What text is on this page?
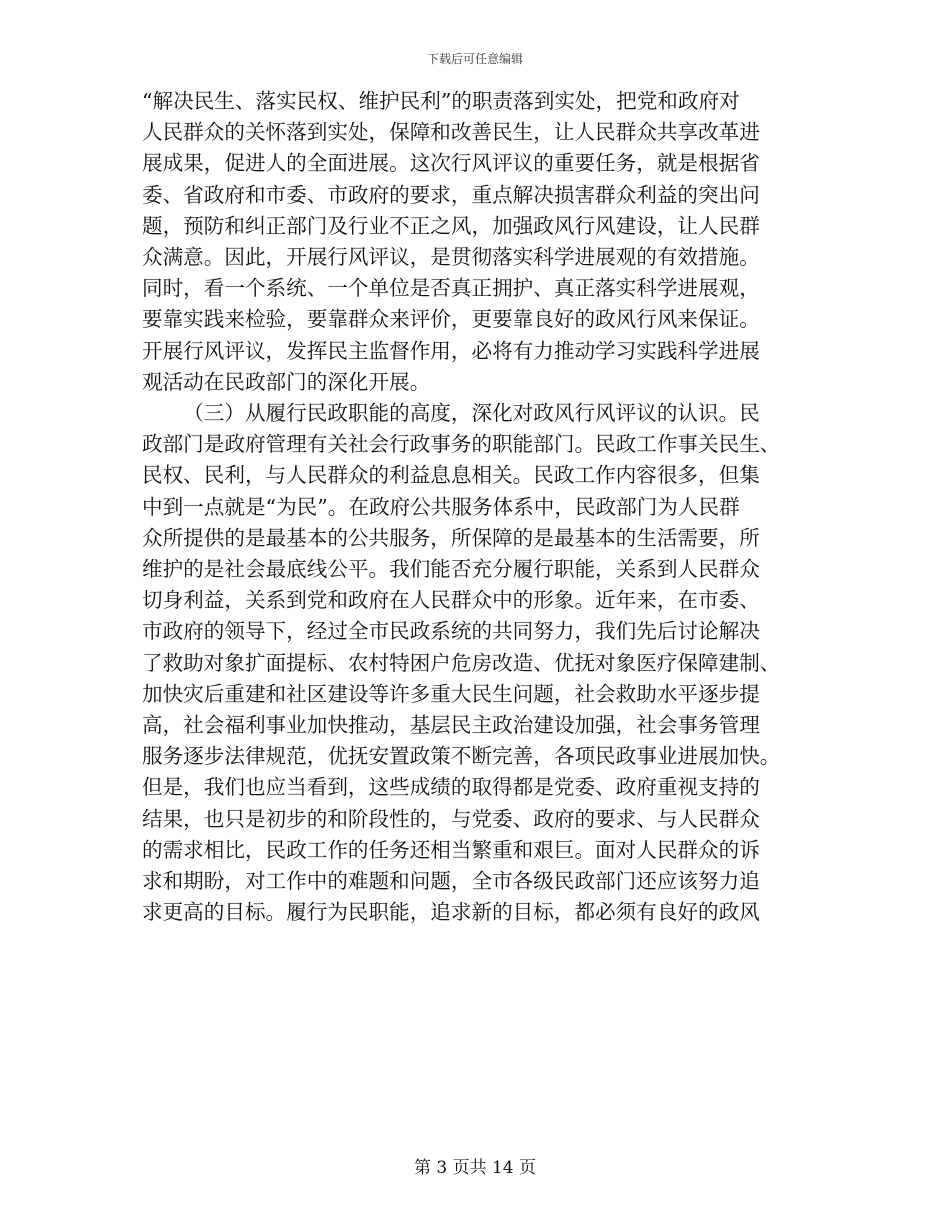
下载后可任意编辑

“解决民生、落实民权、维护民利”的职责落到实处，把党和政府对
人民群众的关怀落到实处，保障和改善民生，让人民群众共享改革进
展成果，促进人的全面进展。这次行风评议的重要任务，就是根据省
委、省政府和市委、市政府的要求，重点解决损害群众利益的突出问
题，预防和纠正部门及行业不正之风，加强政风行风建设，让人民群
众满意。因此，开展行风评议，是贯彻落实科学进展观的有效措施。
同时，看一个系统、一个单位是否真正拥护、真正落实科学进展观，
要靠实践来检验，要靠群众来评价，更要靠良好的政风行风来保证。
开展行风评议，发挥民主监督作用，必将有力推动学习实践科学进展
观活动在民政部门的深化开展。

（三）从履行民政职能的高度，深化对政风行风评议的认识。民
政部门是政府管理有关社会行政事务的职能部门。民政工作事关民生、
民权、民利，与人民群众的利益息息相关。民政工作内容很多，但集
中到一点就是“为民”。在政府公共服务体系中，民政部门为人民群
众所提供的是最基本的公共服务，所保障的是最基本的生活需要，所
维护的是社会最底线公平。我们能否充分履行职能，关系到人民群众
切身利益，关系到党和政府在人民群众中的形象。近年来，在市委、
市政府的领导下，经过全市民政系统的共同努力，我们先后讨论解决
了救助对象扩面提标、农村特困户危房改造、优抚对象医疗保障建制、
加快灾后重建和社区建设等许多重大民生问题，社会救助水平逐步提
高，社会福利事业加快推动，基层民主政治建设加强，社会事务管理
服务逐步法律规范，优抚安置政策不断完善，各项民政事业进展加快。
但是，我们也应当看到，这些成绩的取得都是党委、政府重视支持的
结果，也只是初步的和阶段性的，与党委、政府的要求、与人民群众
的需求相比，民政工作的任务还相当繁重和艰巨。面对人民群众的诉
求和期盼，对工作中的难题和问题，全市各级民政部门还应该努力追
求更高的目标。履行为民职能，追求新的目标，都必须有良好的政风

第 3 页共 14 页
